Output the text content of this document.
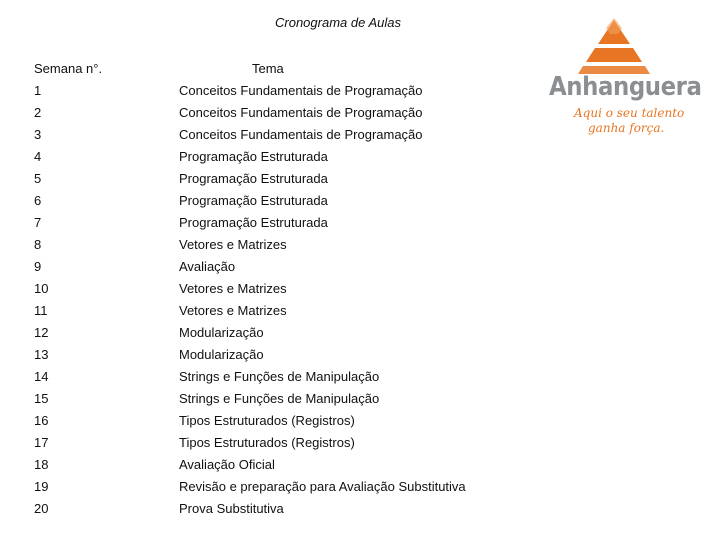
Cronograma de Aulas
Semana n°.	Tema
1	Conceitos Fundamentais de Programação
2	Conceitos Fundamentais de Programação
3	Conceitos Fundamentais de Programação
4	Programação Estruturada
5	Programação Estruturada
6	Programação Estruturada
7	Programação Estruturada
8	Vetores e Matrizes
9	Avaliação
10	Vetores e Matrizes
11	Vetores e Matrizes
12	Modularização
13	Modularização
14	Strings e Funções de Manipulação
15	Strings e Funções de Manipulação
16	Tipos Estruturados (Registros)
17	Tipos Estruturados (Registros)
18	Avaliação Oficial
19	Revisão e preparação para Avaliação Substitutiva
20	Prova Substitutiva
Anhanguera
Aqui o seu talento
ganha força.
